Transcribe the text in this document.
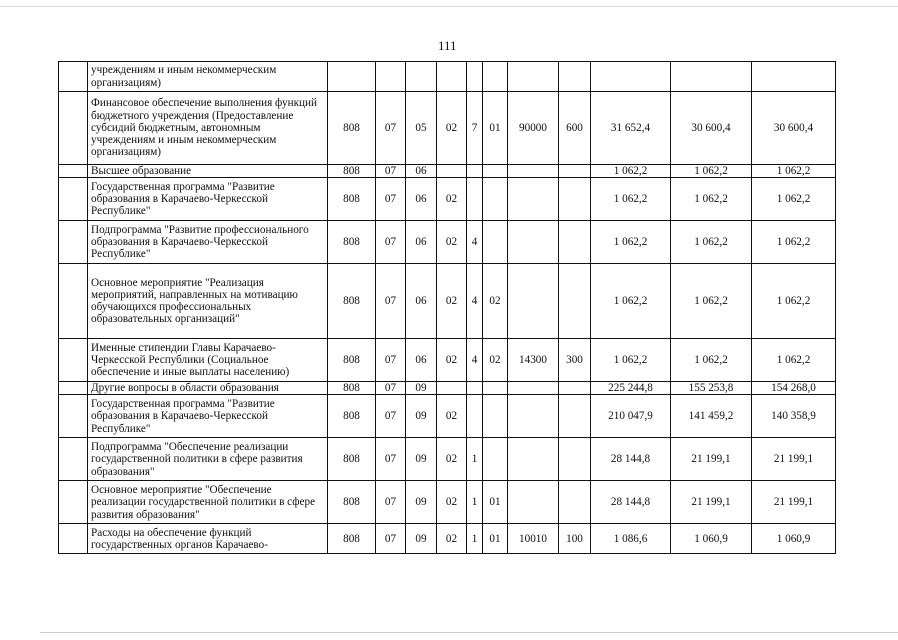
111
	учреждениям и иным некоммерческим организациям)											
	Финансовое обеспечение выполнения функций бюджетного учреждения (Предоставление субсидий бюджетным, автономным учреждениям и иным некоммерческим организациям)	808	07	05	02	7	01	90000	600	31 652,4	30 600,4	30 600,4
	Высшее образование	808	07	06						1 062,2	1 062,2	1 062,2
	Государственная программа "Развитие образования в Карачаево-Черкесской Республике"	808	07	06	02					1 062,2	1 062,2	1 062,2
	Подпрограмма "Развитие профессионального образования в Карачаево-Черкесской Республике"	808	07	06	02	4				1 062,2	1 062,2	1 062,2
	Основное мероприятие "Реализация мероприятий, направленных на мотивацию обучающихся профессиональных образовательных организаций"	808	07	06	02	4	02			1 062,2	1 062,2	1 062,2
	Именные стипендии Главы Карачаево-Черкесской Республики (Социальное обеспечение и иные выплаты населению)	808	07	06	02	4	02	14300	300	1 062,2	1 062,2	1 062,2
	Другие вопросы в области образования	808	07	09						225 244,8	155 253,8	154 268,0
	Государственная программа "Развитие образования в Карачаево-Черкесской Республике"	808	07	09	02					210 047,9	141 459,2	140 358,9
	Подпрограмма "Обеспечение реализации государственной политики в сфере развития образования"	808	07	09	02	1				28 144,8	21 199,1	21 199,1
	Основное мероприятие "Обеспечение реализации государственной политики в сфере развития образования"	808	07	09	02	1	01			28 144,8	21 199,1	21 199,1
	Расходы на обеспечение функций государственных органов Карачаево-	808	07	09	02	1	01	10010	100	1 086,6	1 060,9	1 060,9
